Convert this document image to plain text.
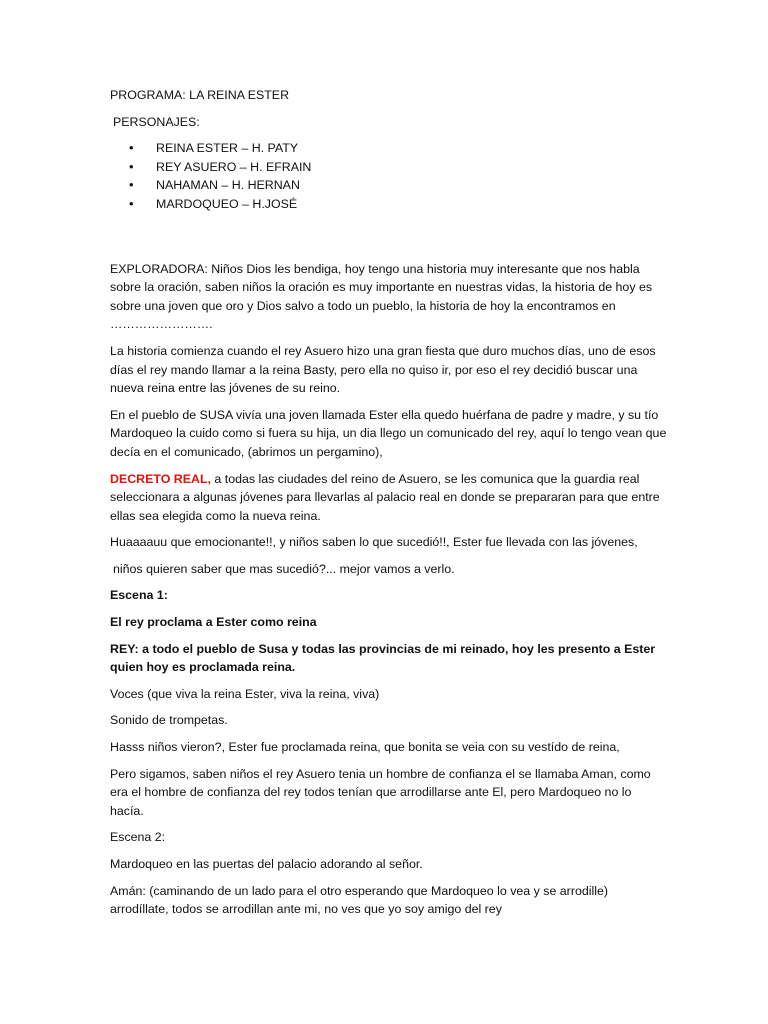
PROGRAMA: LA REINA ESTER

PERSONAJES:

• REINA ESTER – H. PATY
• REY ASUERO – H. EFRAIN
• NAHAMAN – H. HERNAN
• MARDOQUEO – H.JOSÉ

EXPLORADORA: Niños Dios les bendiga, hoy tengo una historia muy interesante que nos habla sobre la oración, saben niños la oración es muy importante en nuestras vidas, la historia de hoy es sobre una joven que oro y Dios salvo a todo un pueblo, la historia de hoy la encontramos en …………………….

La historia comienza cuando el rey Asuero hizo una gran fiesta que duro muchos días, uno de esos días el rey mando llamar a la reina Basty, pero ella no quiso ir, por eso el rey decidió buscar una nueva reina entre las jóvenes de su reino.

En el pueblo de SUSA vivía una joven llamada Ester ella quedo huérfana de padre y madre, y su tío Mardoqueo la cuido como si fuera su hija, un dia llego un comunicado del rey, aquí lo tengo vean que decía en el comunicado, (abrimos un pergamino),

DECRETO REAL, a todas las ciudades del reino de Asuero, se les comunica que la guardia real seleccionara a algunas jóvenes para llevarlas al palacio real en donde se prepararan para que entre ellas sea elegida como la nueva reina.

Huaaaauu que emocionante!!, y niños saben lo que sucedió!!, Ester fue llevada con las jóvenes,

niños quieren saber que mas sucedió?... mejor vamos a verlo.

Escena 1:

El rey proclama a Ester como reina

REY: a todo el pueblo de Susa y todas las provincias de mi reinado, hoy les presento a Ester quien hoy es proclamada reina.

Voces (que viva la reina Ester, viva la reina, viva)

Sonido de trompetas.

Hasss niños vieron?, Ester fue proclamada reina, que bonita se veia con su vestído de reina,

Pero sigamos, saben niños el rey Asuero tenia un hombre de confianza el se llamaba Aman, como era el hombre de confianza del rey todos tenían que arrodillarse ante El, pero Mardoqueo no lo hacía.

Escena 2:

Mardoqueo en las puertas del palacio adorando al señor.

Amán: (caminando de un lado para el otro esperando que Mardoqueo lo vea y se arrodille) arrodíllate, todos se arrodillan ante mi, no ves que yo soy amigo del rey
